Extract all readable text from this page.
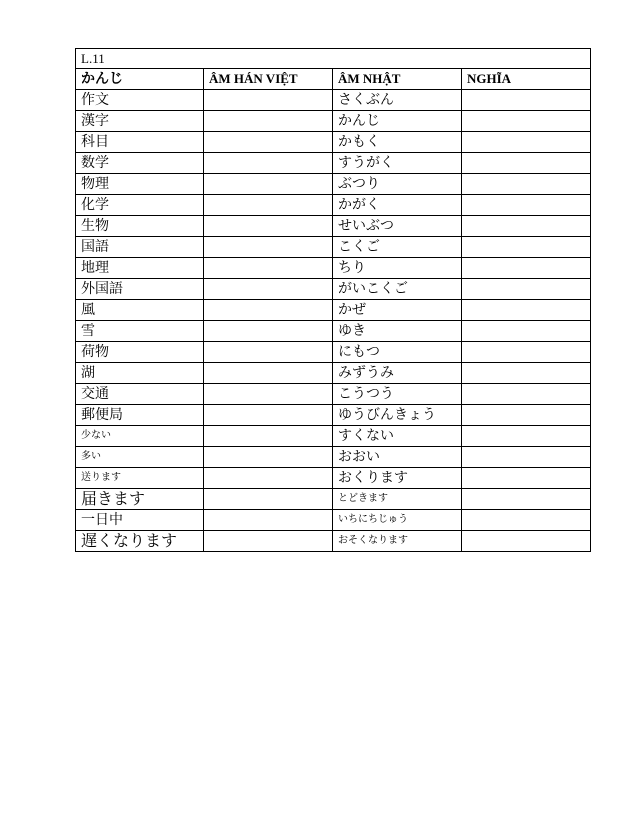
L.11			
かんじ	ÂM HÁN VIỆT	ÂM NHẬT	NGHĨA
作文		さくぶん	
漢字		かんじ	
科目		かもく	
数学		すうがく	
物理		ぶつり	
化学		かがく	
生物		せいぶつ	
国語		こくご	
地理		ちり	
外国語		がいこくご	
風		かぜ	
雪		ゆき	
荷物		にもつ	
湖		みずうみ	
交通		こうつう	
郵便局		ゆうびんきょう	
少ない		すくない	
多い		おおい	
送ります		おくります	
届きます		とどきます	
一日中		いちにちじゅう	
遅くなります		おそくなります	
